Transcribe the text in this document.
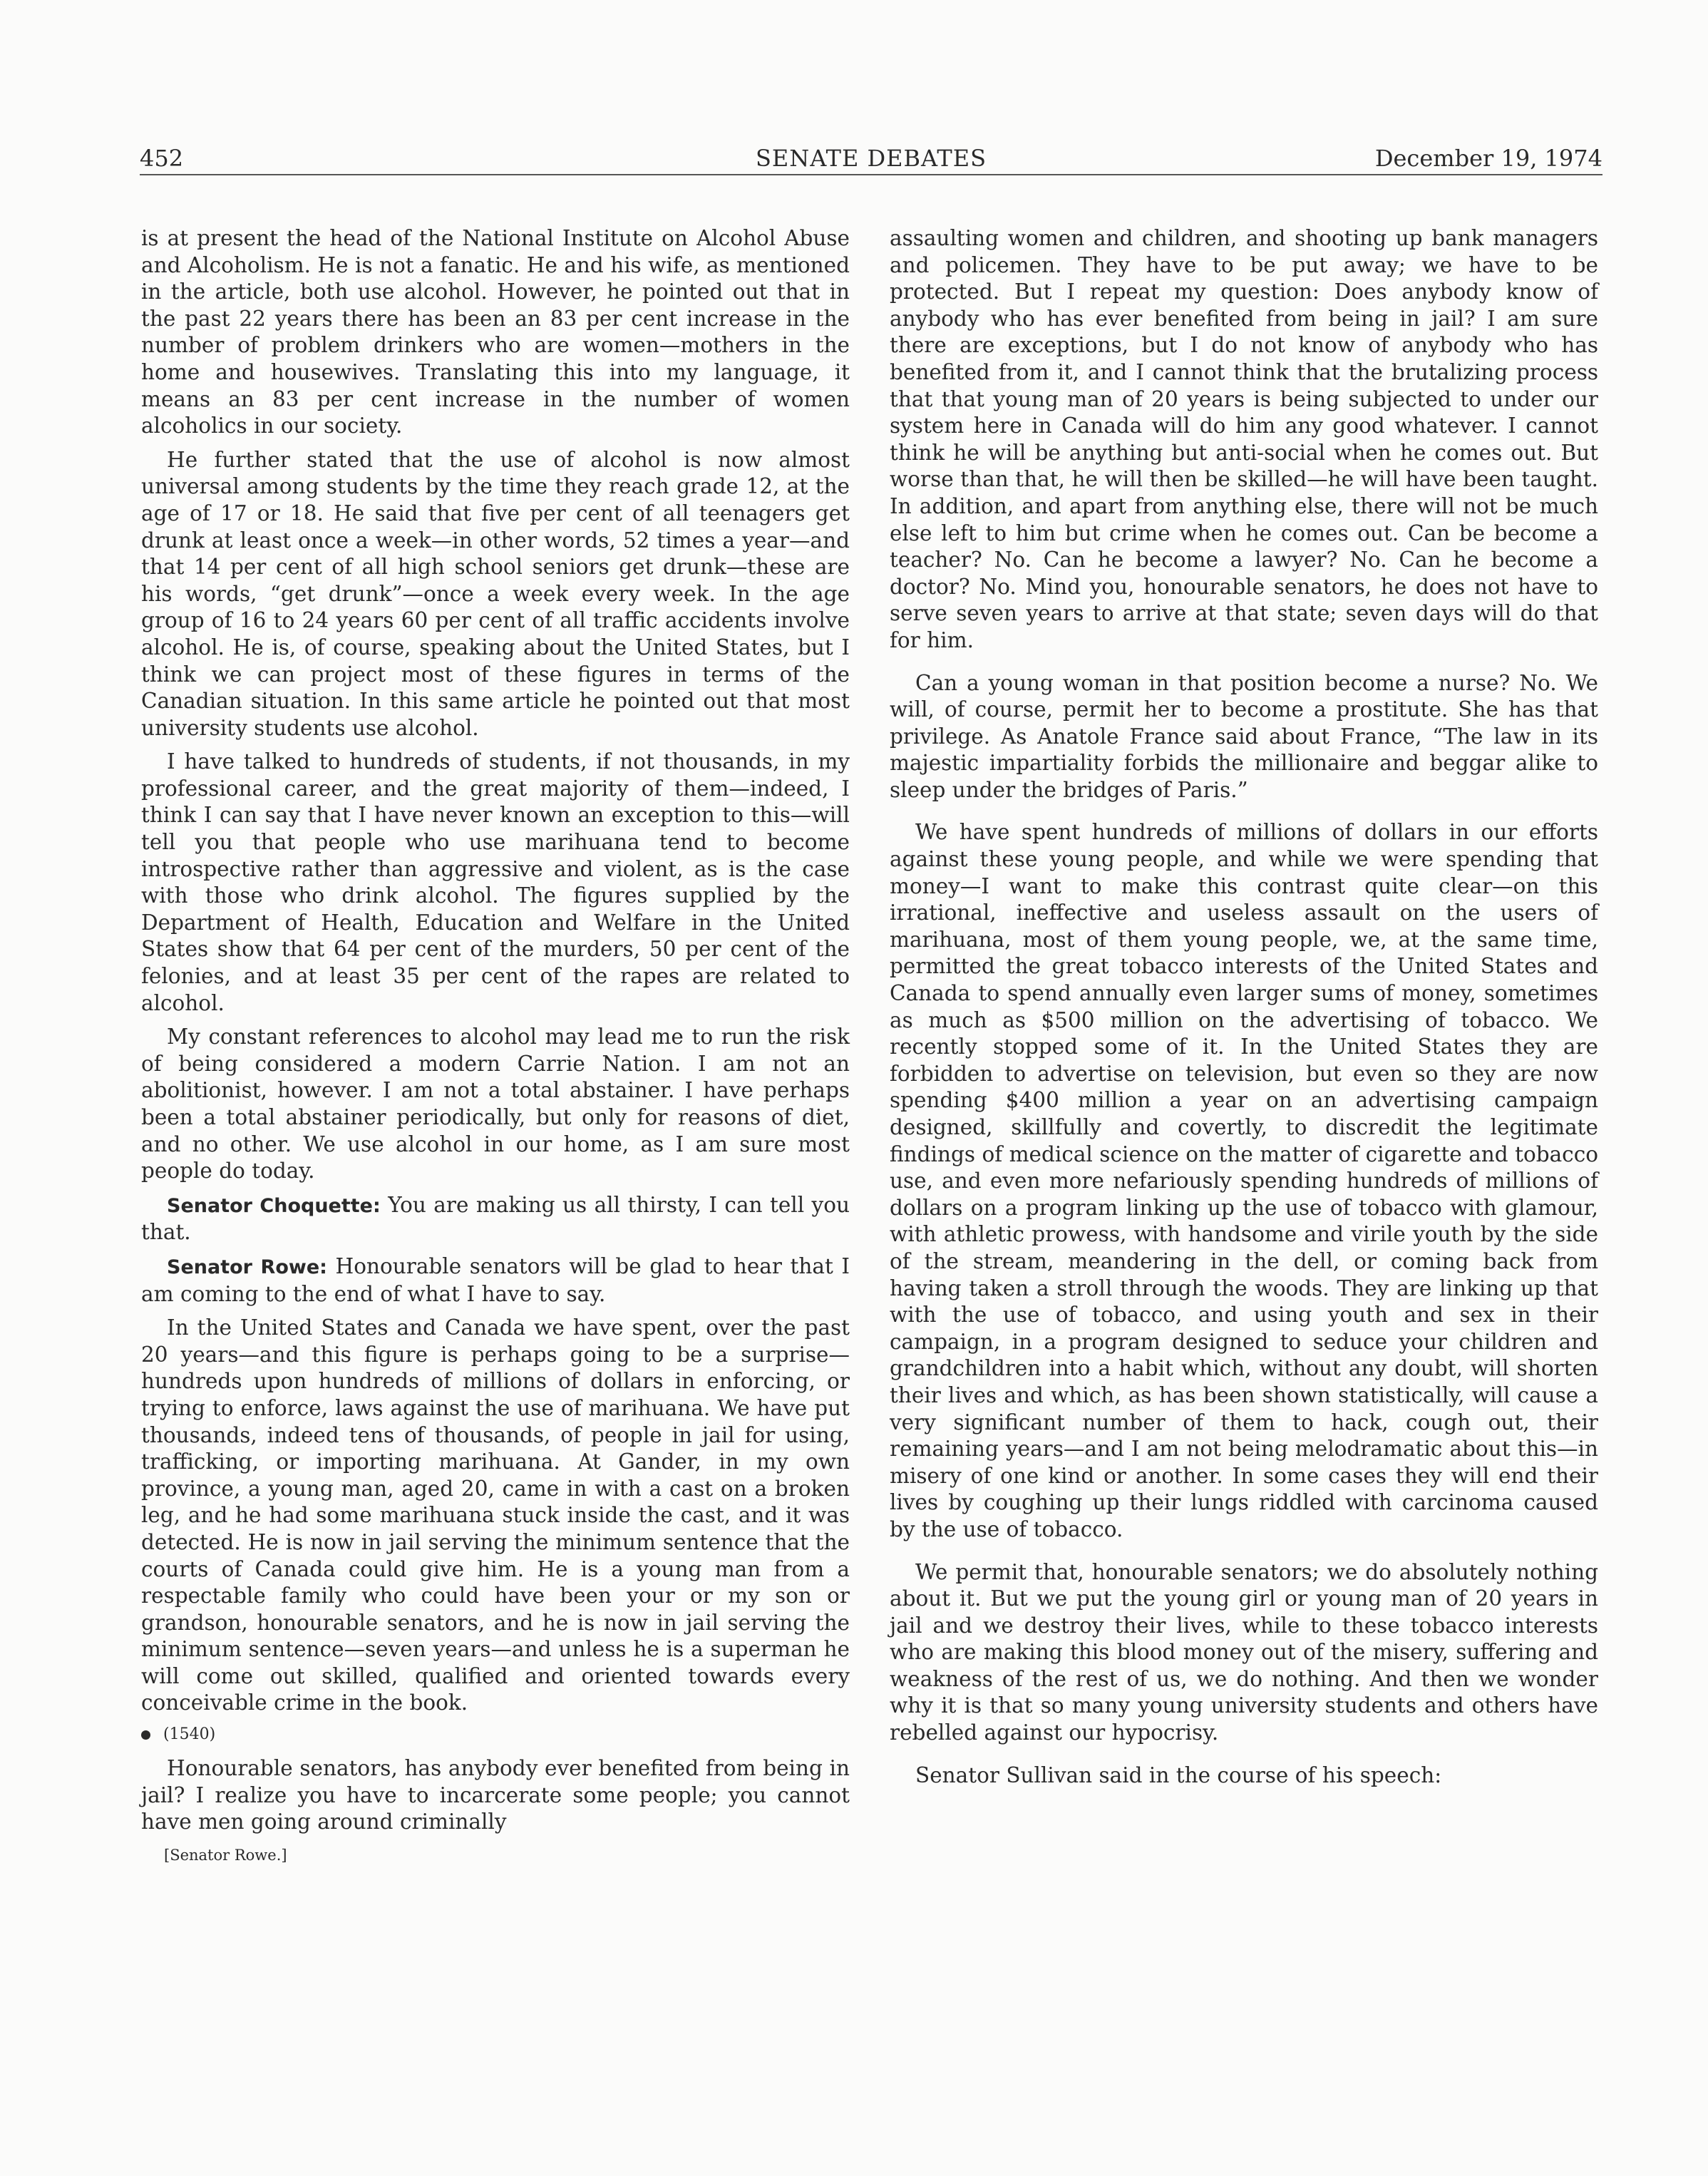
452	SENATE DEBATES	December 19, 1974

is at present the head of the National Institute on Alcohol Abuse and Alcoholism. He is not a fanatic. He and his wife, as mentioned in the article, both use alcohol. However, he pointed out that in the past 22 years there has been an 83 per cent increase in the number of problem drinkers who are women—mothers in the home and housewives. Translating this into my language, it means an 83 per cent increase in the number of women alcoholics in our society.

He further stated that the use of alcohol is now almost universal among students by the time they reach grade 12, at the age of 17 or 18. He said that five per cent of all teenagers get drunk at least once a week—in other words, 52 times a year—and that 14 per cent of all high school seniors get drunk—these are his words, “get drunk”—once a week every week. In the age group of 16 to 24 years 60 per cent of all traffic accidents involve alcohol. He is, of course, speaking about the United States, but I think we can project most of these figures in terms of the Canadian situation. In this same article he pointed out that most university students use alcohol.

I have talked to hundreds of students, if not thousands, in my professional career, and the great majority of them—indeed, I think I can say that I have never known an exception to this—will tell you that people who use marihuana tend to become introspective rather than aggressive and violent, as is the case with those who drink alcohol. The figures supplied by the Department of Health, Education and Welfare in the United States show that 64 per cent of the murders, 50 per cent of the felonies, and at least 35 per cent of the rapes are related to alcohol.

My constant references to alcohol may lead me to run the risk of being considered a modern Carrie Nation. I am not an abolitionist, however. I am not a total abstainer. I have perhaps been a total abstainer periodically, but only for reasons of diet, and no other. We use alcohol in our home, as I am sure most people do today.

Senator Choquette: You are making us all thirsty, I can tell you that.

Senator Rowe: Honourable senators will be glad to hear that I am coming to the end of what I have to say.

In the United States and Canada we have spent, over the past 20 years—and this figure is perhaps going to be a surprise—hundreds upon hundreds of millions of dollars in enforcing, or trying to enforce, laws against the use of marihuana. We have put thousands, indeed tens of thousands, of people in jail for using, trafficking, or importing marihuana. At Gander, in my own province, a young man, aged 20, came in with a cast on a broken leg, and he had some marihuana stuck inside the cast, and it was detected. He is now in jail serving the minimum sentence that the courts of Canada could give him. He is a young man from a respectable family who could have been your or my son or grandson, honourable senators, and he is now in jail serving the minimum sentence—seven years—and unless he is a superman he will come out skilled, qualified and oriented towards every conceivable crime in the book.

(1540)

Honourable senators, has anybody ever benefited from being in jail? I realize you have to incarcerate some people; you cannot have men going around criminally

[Senator Rowe.]

assaulting women and children, and shooting up bank managers and policemen. They have to be put away; we have to be protected. But I repeat my question: Does anybody know of anybody who has ever benefited from being in jail? I am sure there are exceptions, but I do not know of anybody who has benefited from it, and I cannot think that the brutalizing process that that young man of 20 years is being subjected to under our system here in Canada will do him any good whatever. I cannot think he will be anything but anti-social when he comes out. But worse than that, he will then be skilled—he will have been taught. In addition, and apart from anything else, there will not be much else left to him but crime when he comes out. Can be become a teacher? No. Can he become a lawyer? No. Can he become a doctor? No. Mind you, honourable senators, he does not have to serve seven years to arrive at that state; seven days will do that for him.

Can a young woman in that position become a nurse? No. We will, of course, permit her to become a prostitute. She has that privilege. As Anatole France said about France, “The law in its majestic impartiality forbids the millionaire and beggar alike to sleep under the bridges of Paris.”

We have spent hundreds of millions of dollars in our efforts against these young people, and while we were spending that money—I want to make this contrast quite clear—on this irrational, ineffective and useless assault on the users of marihuana, most of them young people, we, at the same time, permitted the great tobacco interests of the United States and Canada to spend annually even larger sums of money, sometimes as much as $500 million on the advertising of tobacco. We recently stopped some of it. In the United States they are forbidden to advertise on television, but even so they are now spending $400 million a year on an advertising campaign designed, skillfully and covertly, to discredit the legitimate findings of medical science on the matter of cigarette and tobacco use, and even more nefariously spending hundreds of millions of dollars on a program linking up the use of tobacco with glamour, with athletic prowess, with handsome and virile youth by the side of the stream, meandering in the dell, or coming back from having taken a stroll through the woods. They are linking up that with the use of tobacco, and using youth and sex in their campaign, in a program designed to seduce your children and grandchildren into a habit which, without any doubt, will shorten their lives and which, as has been shown statistically, will cause a very significant number of them to hack, cough out, their remaining years—and I am not being melodramatic about this—in misery of one kind or another. In some cases they will end their lives by coughing up their lungs riddled with carcinoma caused by the use of tobacco.

We permit that, honourable senators; we do absolutely nothing about it. But we put the young girl or young man of 20 years in jail and we destroy their lives, while to these tobacco interests who are making this blood money out of the misery, suffering and weakness of the rest of us, we do nothing. And then we wonder why it is that so many young university students and others have rebelled against our hypocrisy.

Senator Sullivan said in the course of his speech:
